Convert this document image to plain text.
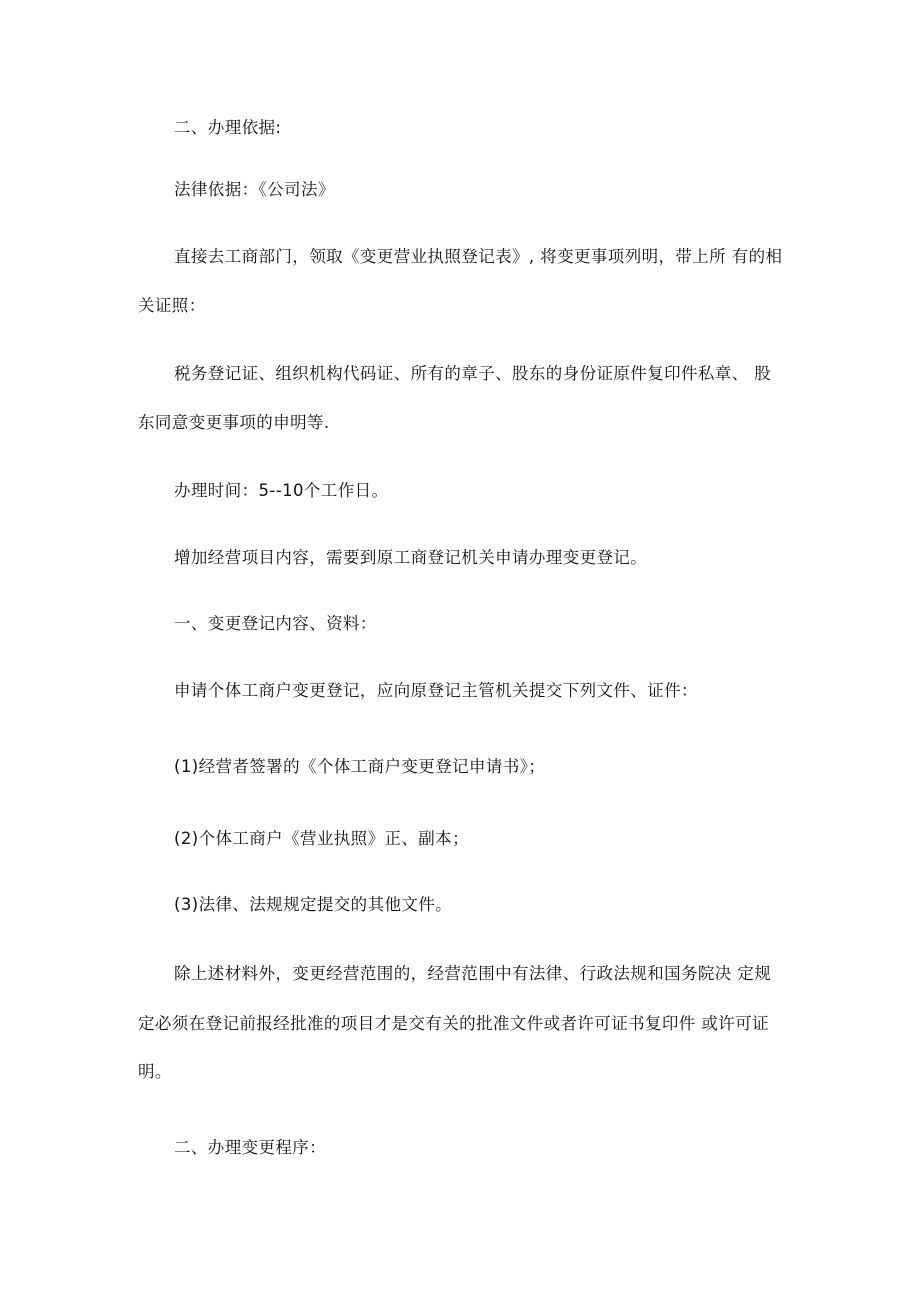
二、办理依据:
法律依据：《公司法》
直接去工商部门，领取《变更营业执照登记表》, 将变更事项列明，带上所 有的相
关证照：
税务登记证、组织机构代码证、所有的章子、股东的身份证原件复印件私章、 股
东同意变更事项的申明等.
办理时间：5--10个工作日。
增加经营项目内容，需要到原工商登记机关申请办理变更登记。
一、变更登记内容、资料：
申请个体工商户变更登记，应向原登记主管机关提交下列文件、证件：
(1)经营者签署的《个体工商户变更登记申请书》；
(2)个体工商户《营业执照》正、副本；
(3)法律、法规规定提交的其他文件。
除上述材料外，变更经营范围的，经营范围中有法律、行政法规和国务院决 定规
定必须在登记前报经批准的项目才是交有关的批准文件或者许可证书复印件 或许可证
明。
二、办理变更程序：
